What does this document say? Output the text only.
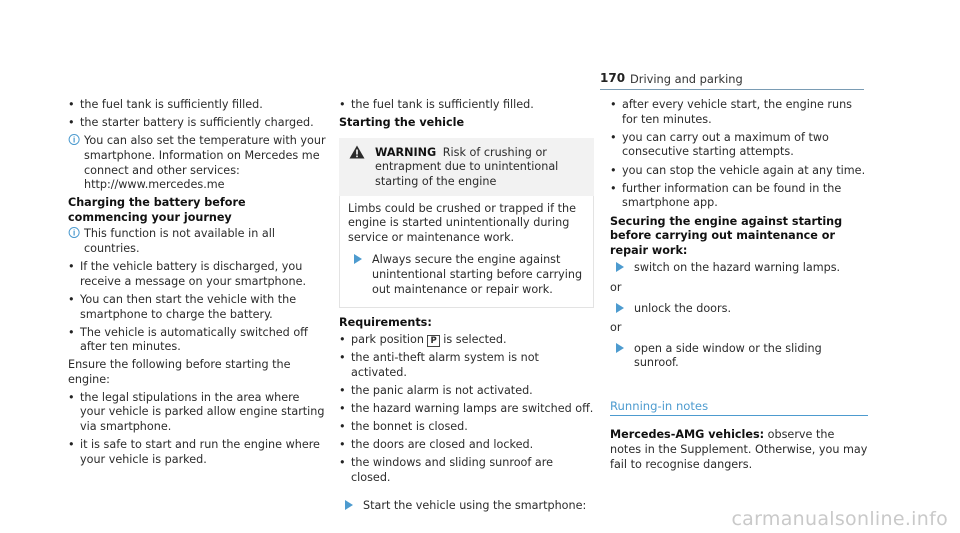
170 Driving and parking
• the fuel tank is sufficiently filled.
• the starter battery is sufficiently charged.
🛈 You can also set the temperature with your smartphone. Information on Mercedes me connect and other services: http://www.mercedes.me

Charging the battery before commencing your journey

🛈 This function is not available in all countries.
• If the vehicle battery is discharged, you receive a message on your smartphone.
• You can then start the vehicle with the smartphone to charge the battery.
• The vehicle is automatically switched off after ten minutes.

Ensure the following before starting the engine:

• the legal stipulations in the area where your vehicle is parked allow engine starting via smartphone.
• it is safe to start and run the engine where your vehicle is parked.
• the fuel tank is sufficiently filled.

Starting the vehicle

WARNING Risk of crushing or entrapment due to unintentional starting of the engine

Limbs could be crushed or trapped if the engine is started unintentionally during service or maintenance work.

Always secure the engine against unintentional starting before carrying out maintenance or repair work.

Requirements:

• park position P is selected.
• the anti-theft alarm system is not activated.
• the panic alarm is not activated.
• the hazard warning lamps are switched off.
• the bonnet is closed.
• the doors are closed and locked.
• the windows and sliding sunroof are closed.
Start the vehicle using the smartphone:
• after every vehicle start, the engine runs for ten minutes.
• you can carry out a maximum of two consecutive starting attempts.
• you can stop the vehicle again at any time.
• further information can be found in the smartphone app.

Securing the engine against starting before carrying out maintenance or repair work:

switch on the hazard warning lamps.

or

unlock the doors.

or

open a side window or the sliding sunroof.
Running-in notes

Mercedes-AMG vehicles: observe the notes in the Supplement. Otherwise, you may fail to recognise dangers.

carmanualsonline.info
